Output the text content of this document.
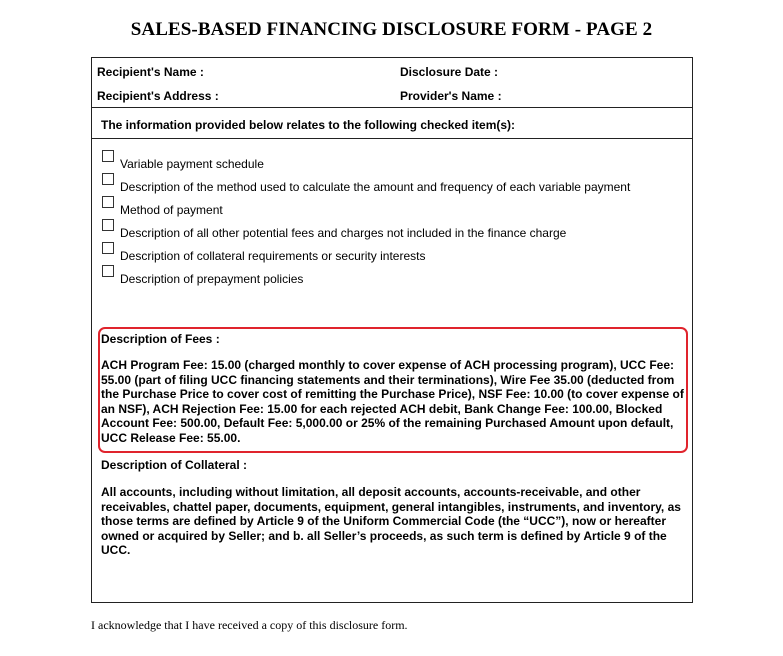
SALES-BASED FINANCING DISCLOSURE FORM - PAGE 2
Recipient's Name :	Disclosure Date :
Recipient's Address :	Provider's Name :
The information provided below relates to the following checked item(s):
Variable payment schedule
Description of the method used to calculate the amount and frequency of each variable payment
Method of payment
Description of all other potential fees and charges not included in the finance charge
Description of collateral requirements or security interests
Description of prepayment policies
Description of Fees :
ACH Program Fee: 15.00 (charged monthly to cover expense of ACH processing program), UCC Fee:
55.00 (part of filing UCC financing statements and their terminations), Wire Fee 35.00 (deducted from
the Purchase Price to cover cost of remitting the Purchase Price), NSF Fee: 10.00 (to cover expense of
an NSF), ACH Rejection Fee: 15.00 for each rejected ACH debit, Bank Change Fee: 100.00, Blocked
Account Fee: 500.00, Default Fee: 5,000.00 or 25% of the remaining Purchased Amount upon default,
UCC Release Fee: 55.00.
Description of Collateral :
All accounts, including without limitation, all deposit accounts, accounts-receivable, and other
receivables, chattel paper, documents, equipment, general intangibles, instruments, and inventory, as
those terms are defined by Article 9 of the Uniform Commercial Code (the “UCC”), now or hereafter
owned or acquired by Seller; and b. all Seller’s proceeds, as such term is defined by Article 9 of the
UCC.
I acknowledge that I have received a copy of this disclosure form.
